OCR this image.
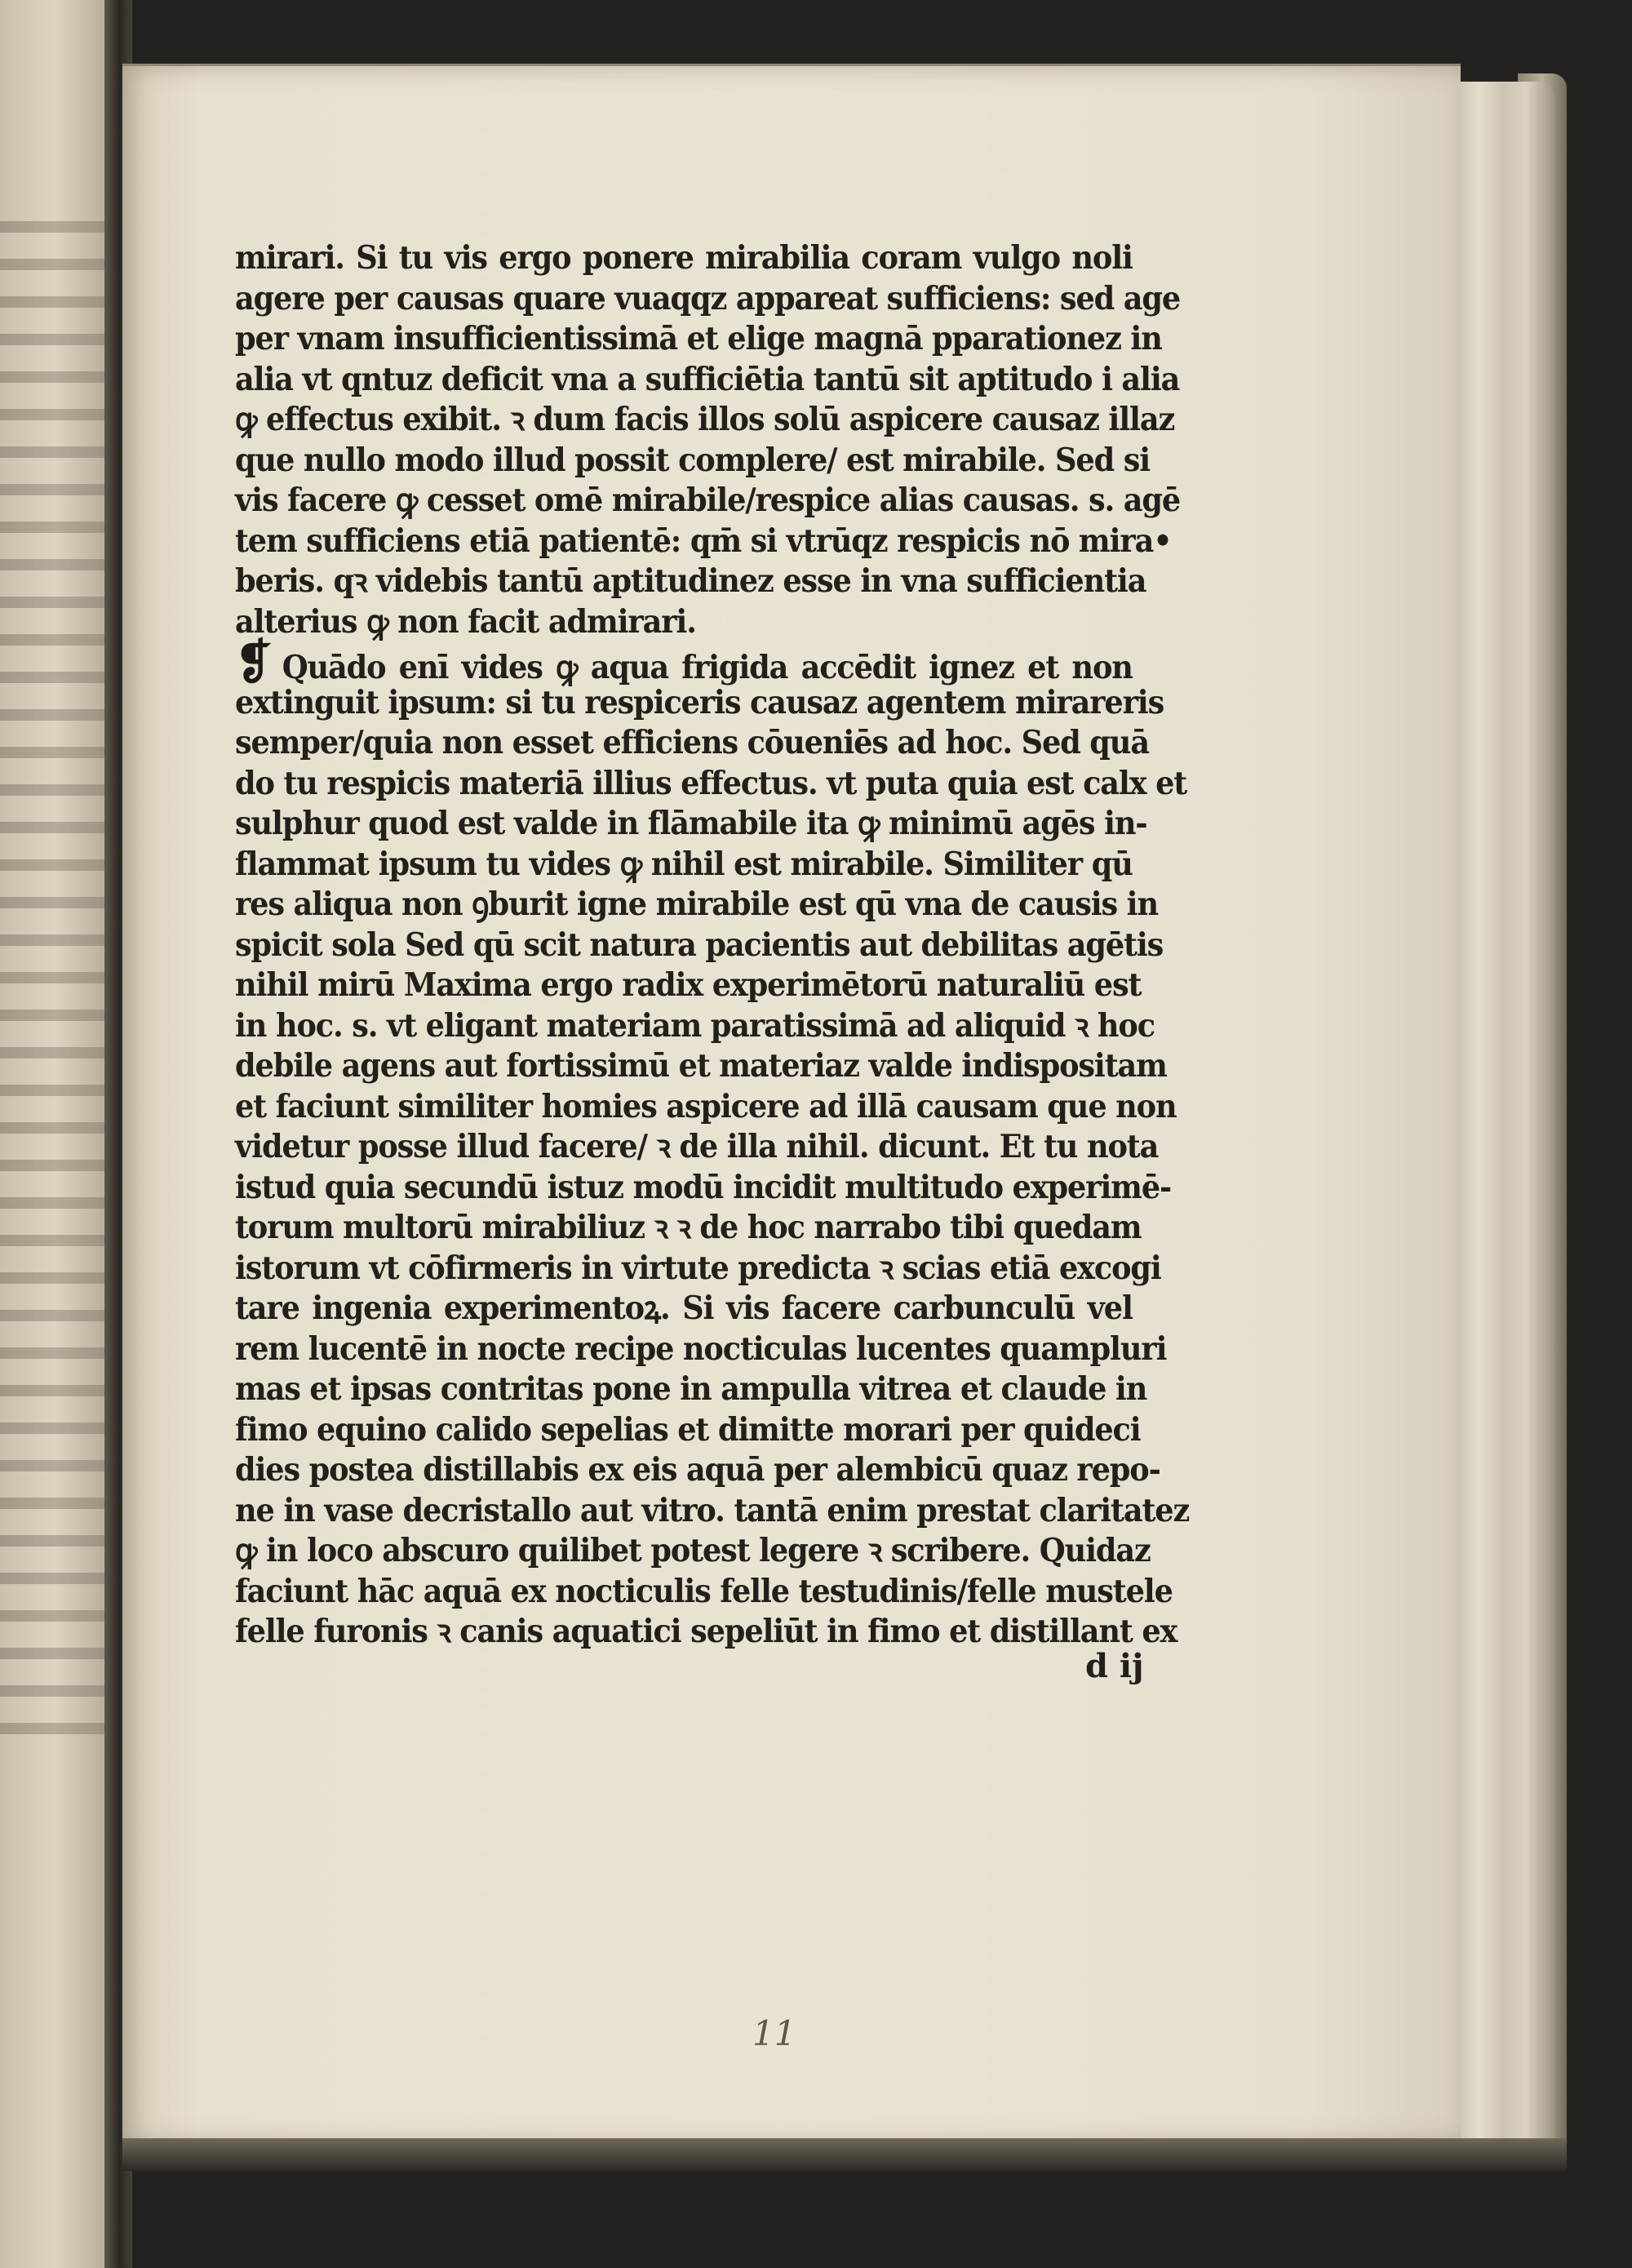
mirari. Si tu vis ergo ponere mirabilia coram vulgo noli
agere per causas quare vuaqqz appareat sufficiens: sed age
per vnam insufficientissimā et elige magnā pparationez in
alia vt qntuz deficit vna a sufficiētia tantū sit aptitudo i alia
ꝙ effectus exibit. ꝛ dum facis illos solū aspicere causaz illaz
que nullo modo illud possit complere/ est mirabile. Sed si
vis facere ꝙ cesset omē mirabile/respice alias causas. s. agē
tem sufficiens etiā patientē: qm̄ si vtrūqz respicis nō mira•
beris. qꝛ videbis tantū aptitudinez esse in vna sufficientia
alterius ꝙ non facit admirari.
❡ Quādo enī vides ꝙ aqua frigida accēdit ignez et non
extinguit ipsum: si tu respiceris causaz agentem mirareris
semper/quia non esset efficiens cōueniēs ad hoc. Sed quā
do tu respicis materiā illius effectus. vt puta quia est calx et
sulphur quod est valde in flāmabile ita ꝙ minimū agēs in-
flammat ipsum tu vides ꝙ nihil est mirabile. Similiter qū
res aliqua non ꝯburit igne mirabile est qū vna de causis in
spicit sola Sed qū scit natura pacientis aut debilitas agētis
nihil mirū Maxima ergo radix experimētorū naturaliū est
in hoc. s. vt eligant materiam paratissimā ad aliquid ꝛ hoc
debile agens aut fortissimū et materiaz valde indispositam
et faciunt similiter homies aspicere ad illā causam que non
videtur posse illud facere/ ꝛ de illa nihil. dicunt. Et tu nota
istud quia secundū istuz modū incidit multitudo experimē-
torum multorū mirabiliuz ꝛ ꝛ de hoc narrabo tibi quedam
istorum vt cōfirmeris in virtute predicta ꝛ scias etiā excogi
tare ingenia experimentoꝝ. Si vis facere carbunculū vel
rem lucentē in nocte recipe nocticulas lucentes quampluri
mas et ipsas contritas pone in ampulla vitrea et claude in
fimo equino calido sepelias et dimitte morari per quideci
dies postea distillabis ex eis aquā per alembicū quaz repo-
ne in vase decristallo aut vitro. tantā enim prestat claritatez
ꝙ in loco abscuro quilibet potest legere ꝛ scribere. Quidaz
faciunt hāc aquā ex nocticulis felle testudinis/felle mustele
felle furonis ꝛ canis aquatici sepeliūt in fimo et distillant ex
d ij
11
